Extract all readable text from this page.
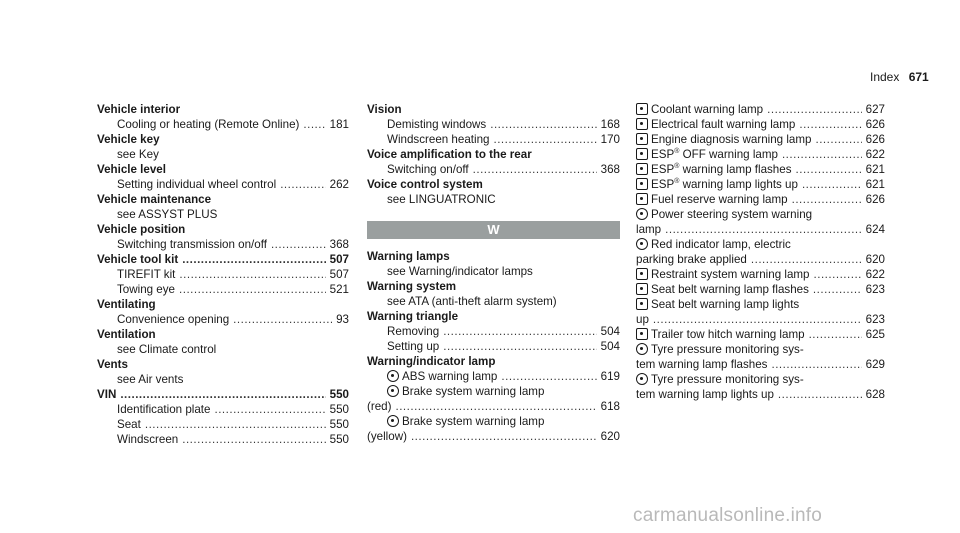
Index 671
Vehicle interior
Cooling or heating (Remote Online) .....	181
Vehicle key
see Key
Vehicle level
Setting individual wheel control .....	262
Vehicle maintenance
see ASSYST PLUS
Vehicle position
Switching transmission on/off .....	368
Vehicle tool kit .....	507
TIREFIT kit .....	507
Towing eye .....	521
Ventilating
Convenience opening .....	93
Ventilation
see Climate control
Vents
see Air vents
VIN .....	550
Identification plate .....	550
Seat .....	550
Windscreen .....	550
Vision
Demisting windows .....	168
Windscreen heating .....	170
Voice amplification to the rear
Switching on/off .....	368
Voice control system
see LINGUATRONIC
W
Warning lamps
see Warning/indicator lamps
Warning system
see ATA (anti-theft alarm system)
Warning triangle
Removing .....	504
Setting up .....	504
Warning/indicator lamp
ABS warning lamp .....	619
Brake system warning lamp
(red) .....	618
Brake system warning lamp
(yellow) .....	620
Coolant warning lamp .....	627
Electrical fault warning lamp .....	626
Engine diagnosis warning lamp .....	626
ESP® OFF warning lamp .....	622
ESP® warning lamp flashes .....	621
ESP® warning lamp lights up .....	621
Fuel reserve warning lamp .....	626
Power steering system warning
lamp .....	624
Red indicator lamp, electric
parking brake applied .....	620
Restraint system warning lamp .....	622
Seat belt warning lamp flashes .....	623
Seat belt warning lamp lights
up .....	623
Trailer tow hitch warning lamp .....	625
Tyre pressure monitoring sys-
tem warning lamp flashes .....	629
Tyre pressure monitoring sys-
tem warning lamp lights up .....	628
carmanualsonline.info
